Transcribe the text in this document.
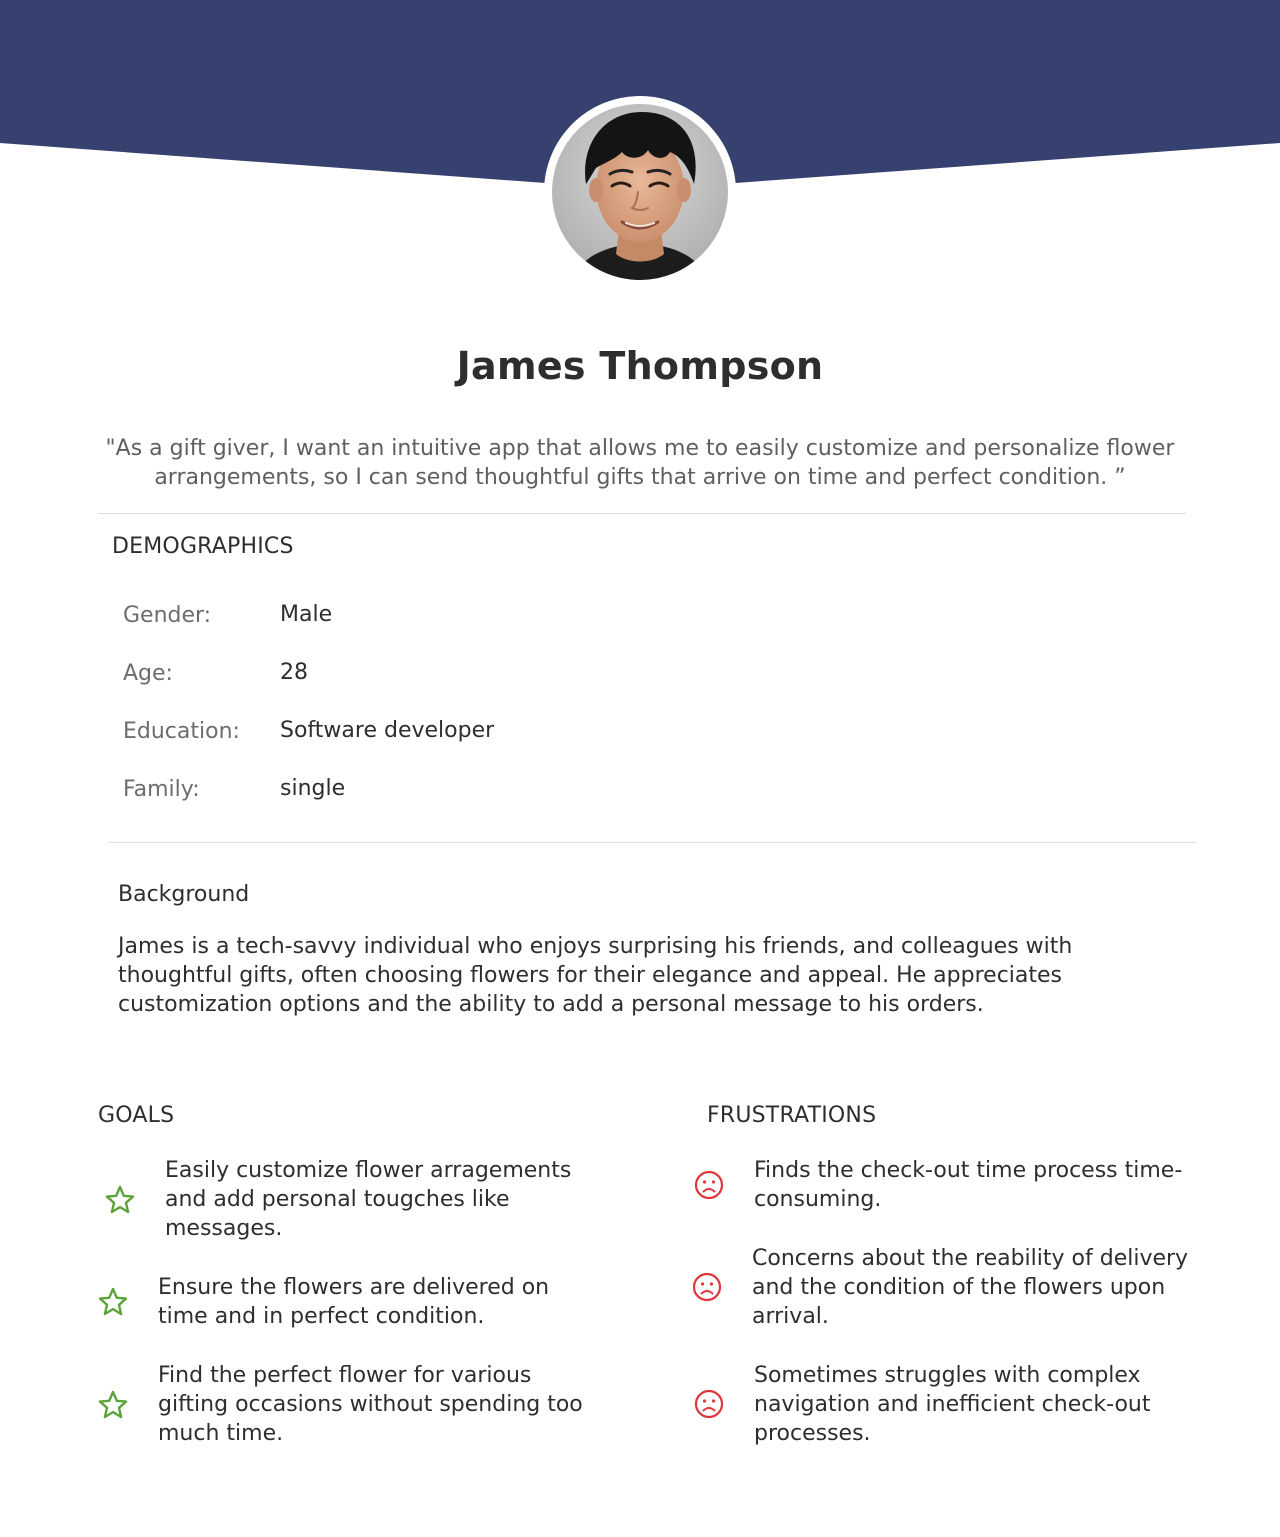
James Thompson
"As a gift giver, I want an intuitive app that allows me to easily customize and personalize flower arrangements, so I can send thoughtful gifts that arrive on time and perfect condition. ”
DEMOGRAPHICS
Gender:	Male
Age:	28
Education: Software developer
Family:	single
Background
James is a tech-savvy individual who enjoys surprising his friends, and colleagues with thoughtful gifts, often choosing flowers for their elegance and appeal. He appreciates customization options and the ability to add a personal message to his orders.
GOALS
Easily customize flower arragements and add personal tougches like messages.
Ensure the flowers are delivered on time and in perfect condition.
Find the perfect flower for various gifting occasions without spending too much time.
FRUSTRATIONS
Finds the check-out time process time-consuming.
Concerns about the reability of delivery and the condition of the flowers upon arrival.
Sometimes struggles with complex navigation and inefficient check-out processes.
